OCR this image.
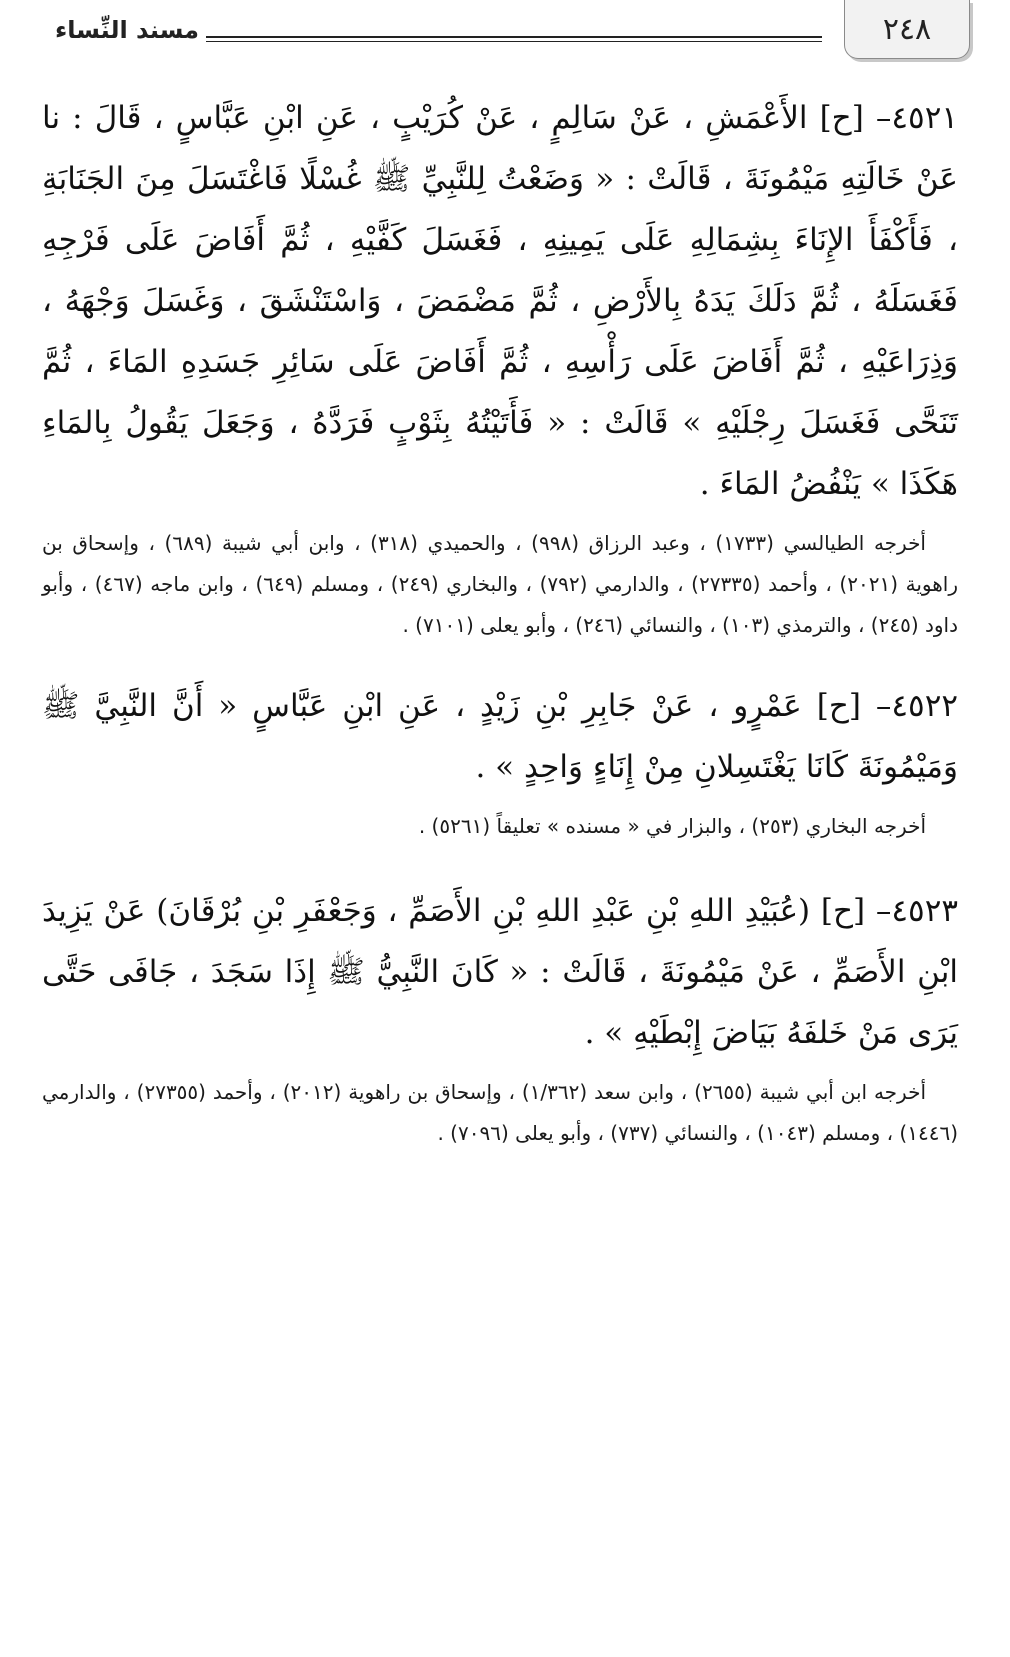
٢٤٨
مسند النِّساء

٤٥٢١– [ح] الأَعْمَشِ ، عَنْ سَالِمٍ ، عَنْ كُرَيْبٍ ، عَنِ ابْنِ عَبَّاسٍ ، قَالَ : نا عَنْ خَالَتِهِ مَيْمُونَةَ ، قَالَتْ : « وَضَعْتُ لِلنَّبِيِّ ﷺ غُسْلًا فَاغْتَسَلَ مِنَ الجَنَابَةِ ، فَأَكْفَأَ الإِنَاءَ بِشِمَالِهِ عَلَى يَمِينِهِ ، فَغَسَلَ كَفَّيْهِ ، ثُمَّ أَفَاضَ عَلَى فَرْجِهِ فَغَسَلَهُ ، ثُمَّ دَلَكَ يَدَهُ بِالأَرْضِ ، ثُمَّ مَضْمَضَ ، وَاسْتَنْشَقَ ، وَغَسَلَ وَجْهَهُ ، وَذِرَاعَيْهِ ، ثُمَّ أَفَاضَ عَلَى رَأْسِهِ ، ثُمَّ أَفَاضَ عَلَى سَائِرِ جَسَدِهِ المَاءَ ، ثُمَّ تَنَحَّى فَغَسَلَ رِجْلَيْهِ » قَالَتْ : « فَأَتَيْتُهُ بِثَوْبٍ فَرَدَّهُ ، وَجَعَلَ يَقُولُ بِالمَاءِ هَكَذَا » يَنْفُضُ المَاءَ .

أخرجه الطيالسي (١٧٣٣) ، وعبد الرزاق (٩٩٨) ، والحميدي (٣١٨) ، وابن أبي شيبة (٦٨٩) ، وإسحاق بن راهوية (٢٠٢١) ، وأحمد (٢٧٣٣٥) ، والدارمي (٧٩٢) ، والبخاري (٢٤٩) ، ومسلم (٦٤٩) ، وابن ماجه (٤٦٧) ، وأبو داود (٢٤٥) ، والترمذي (١٠٣) ، والنسائي (٢٤٦) ، وأبو يعلى (٧١٠١) .

٤٥٢٢– [ح] عَمْرٍو ، عَنْ جَابِرِ بْنِ زَيْدٍ ، عَنِ ابْنِ عَبَّاسٍ « أَنَّ النَّبِيَّ ﷺ وَمَيْمُونَةَ كَانَا يَغْتَسِلانِ مِنْ إِنَاءٍ وَاحِدٍ » .

أخرجه البخاري (٢٥٣) ، والبزار في « مسنده » تعليقاً (٥٢٦١) .

٤٥٢٣– [ح] (عُبَيْدِ اللهِ بْنِ عَبْدِ اللهِ بْنِ الأَصَمِّ ، وَجَعْفَرِ بْنِ بُرْقَانَ) عَنْ يَزِيدَ ابْنِ الأَصَمِّ ، عَنْ مَيْمُونَةَ ، قَالَتْ : « كَانَ النَّبِيُّ ﷺ إِذَا سَجَدَ ، جَافَى حَتَّى يَرَى مَنْ خَلفَهُ بَيَاضَ إِبْطَيْهِ » .

أخرجه ابن أبي شيبة (٢٦٥٥) ، وابن سعد (١/٣٦٢) ، وإسحاق بن راهوية (٢٠١٢) ، وأحمد (٢٧٣٥٥) ، والدارمي (١٤٤٦) ، ومسلم (١٠٤٣) ، والنسائي (٧٣٧) ، وأبو يعلى (٧٠٩٦) .
